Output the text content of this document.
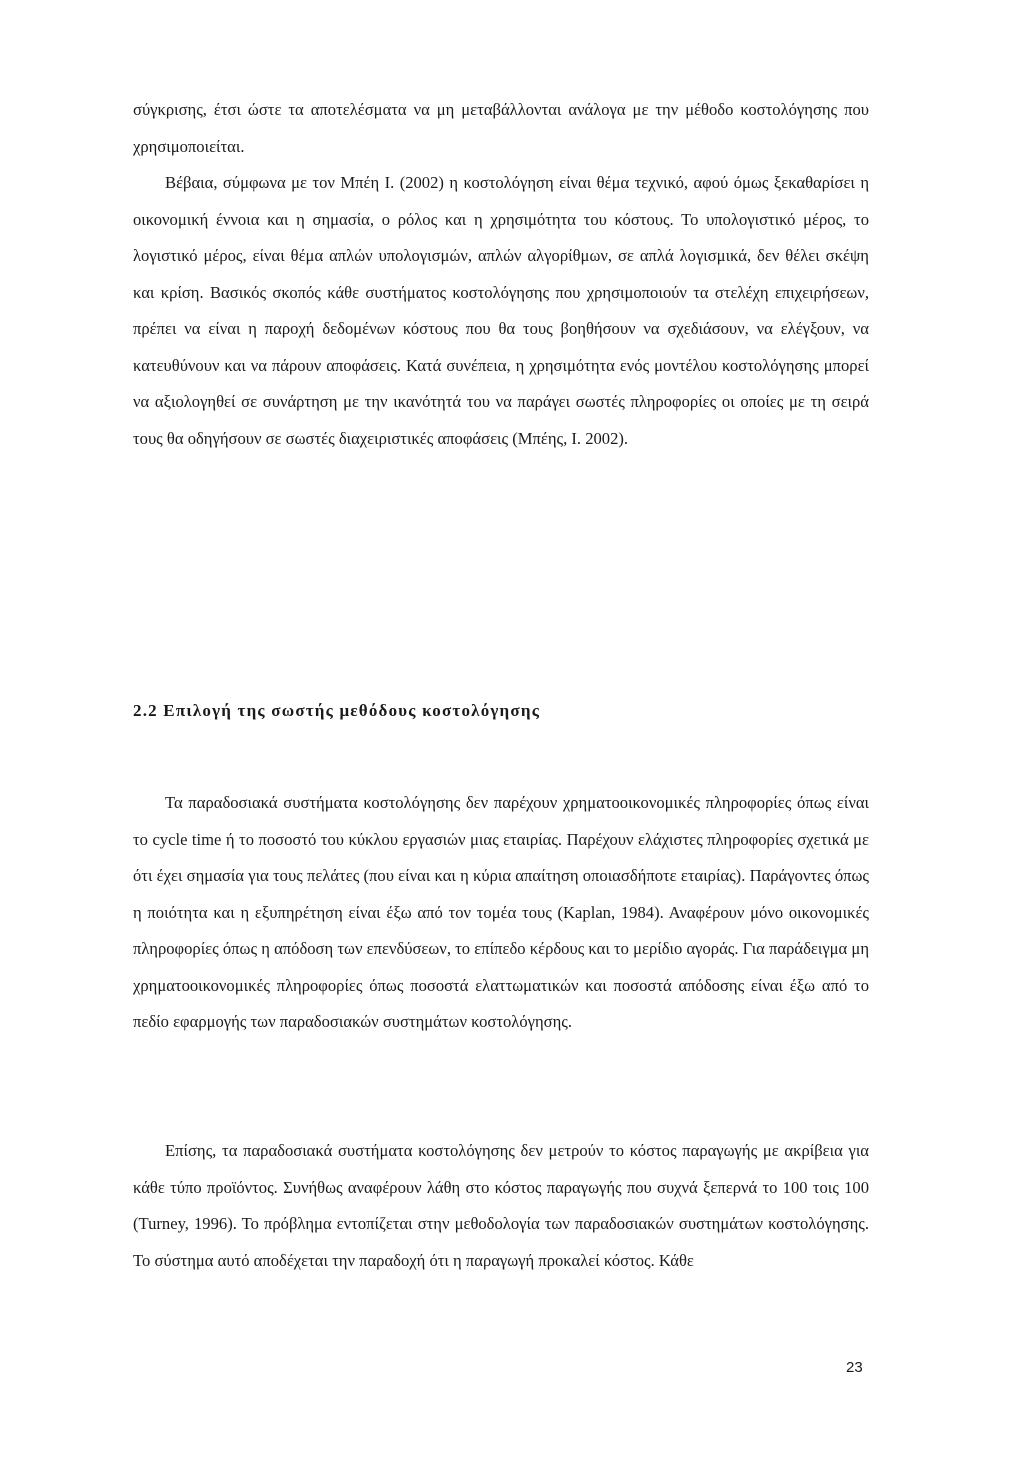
σύγκρισης, έτσι ώστε τα αποτελέσματα να μη μεταβάλλονται ανάλογα με την μέθοδο κοστολόγησης που χρησιμοποιείται.

Βέβαια, σύμφωνα με τον Μπέη Ι. (2002) η κοστολόγηση είναι θέμα τεχνικό, αφού όμως ξεκαθαρίσει η οικονομική έννοια και η σημασία, ο ρόλος και η χρησιμότητα του κόστους. Το υπολογιστικό μέρος, το λογιστικό μέρος, είναι θέμα απλών υπολογισμών, απλών αλγορίθμων, σε απλά λογισμικά, δεν θέλει σκέψη και κρίση. Βασικός σκοπός κάθε συστήματος κοστολόγησης που χρησιμοποιούν τα στελέχη επιχειρήσεων, πρέπει να είναι η παροχή δεδομένων κόστους που θα τους βοηθήσουν να σχεδιάσουν, να ελέγξουν, να κατευθύνουν και να πάρουν αποφάσεις. Κατά συνέπεια, η χρησιμότητα ενός μοντέλου κοστολόγησης μπορεί να αξιολογηθεί σε συνάρτηση με την ικανότητά του να παράγει σωστές πληροφορίες οι οποίες με τη σειρά τους θα οδηγήσουν σε σωστές διαχειριστικές αποφάσεις (Μπέης, Ι. 2002).

2.2 Επιλογή της σωστής μεθόδους κοστολόγησης

Τα παραδοσιακά συστήματα κοστολόγησης δεν παρέχουν χρηματοοικονομικές πληροφορίες όπως είναι το cycle time ή το ποσοστό του κύκλου εργασιών μιας εταιρίας. Παρέχουν ελάχιστες πληροφορίες σχετικά με ότι έχει σημασία για τους πελάτες (που είναι και η κύρια απαίτηση οποιασδήποτε εταιρίας). Παράγοντες όπως η ποιότητα και η εξυπηρέτηση είναι έξω από τον τομέα τους (Kaplan, 1984). Αναφέρουν μόνο οικονομικές πληροφορίες όπως η απόδοση των επενδύσεων, το επίπεδο κέρδους και το μερίδιο αγοράς. Για παράδειγμα μη χρηματοοικονομικές πληροφορίες όπως ποσοστά ελαττωματικών και ποσοστά απόδοσης είναι έξω από το πεδίο εφαρμογής των παραδοσιακών συστημάτων κοστολόγησης.

Επίσης, τα παραδοσιακά συστήματα κοστολόγησης δεν μετρούν το κόστος παραγωγής με ακρίβεια για κάθε τύπο προϊόντος. Συνήθως αναφέρουν λάθη στο κόστος παραγωγής που συχνά ξεπερνά το 100 τοις 100 (Turney, 1996). Το πρόβλημα εντοπίζεται στην μεθοδολογία των παραδοσιακών συστημάτων κοστολόγησης. Το σύστημα αυτό αποδέχεται την παραδοχή ότι η παραγωγή προκαλεί κόστος. Κάθε

23
